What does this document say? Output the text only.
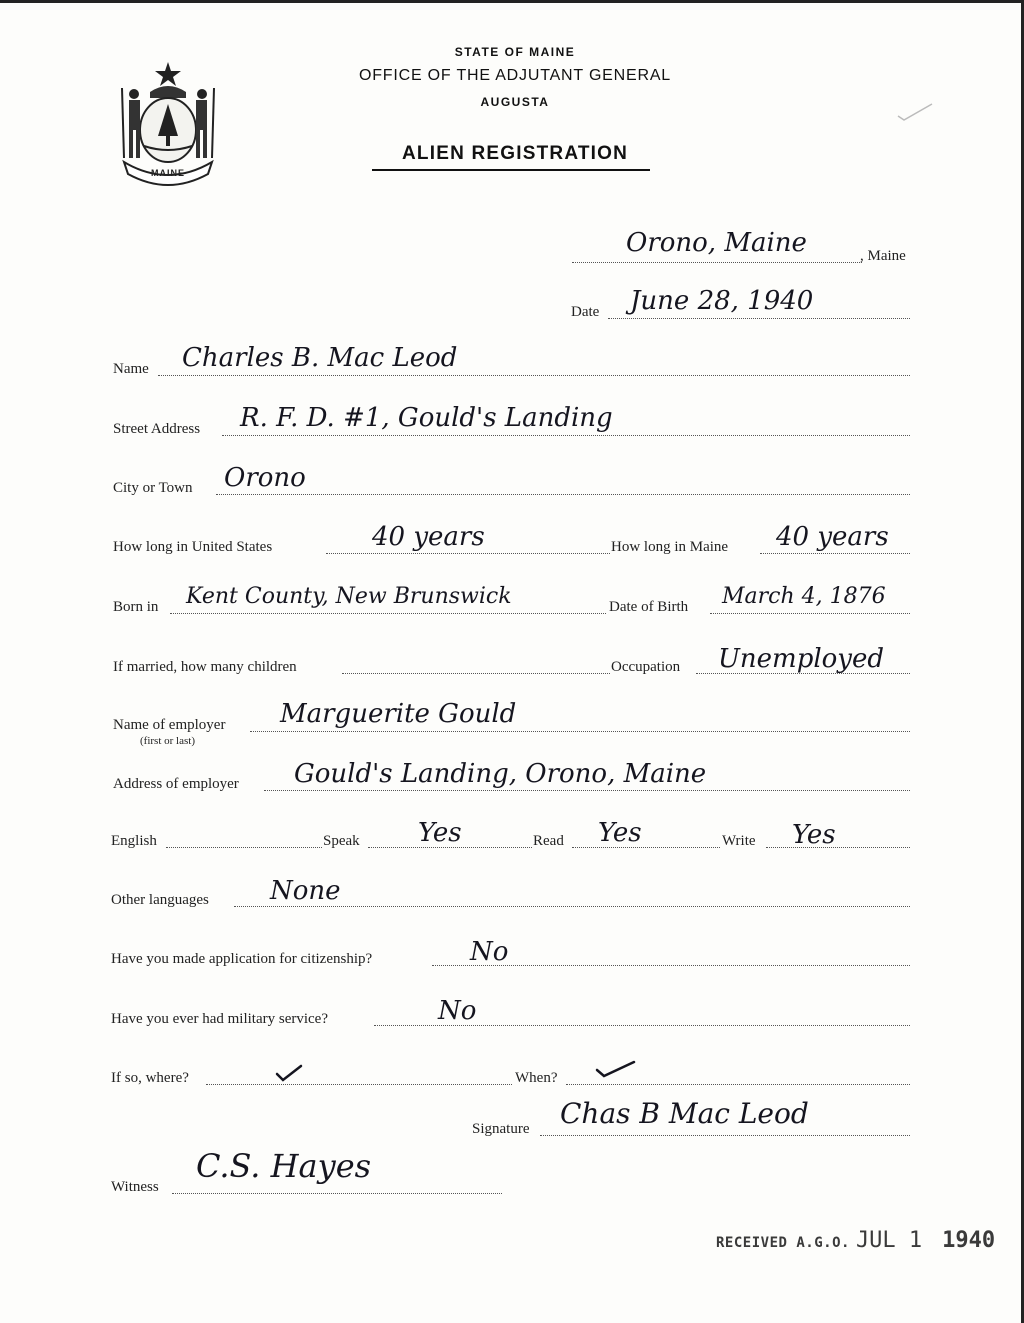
MAINE
STATE OF MAINE
OFFICE OF THE ADJUTANT GENERAL
AUGUSTA
ALIEN REGISTRATION
Orono, Maine	, Maine
Date June 28, 1940
Name Charles B. Mac Leod
Street Address R. F. D. #1, Gould's Landing
City or Town Orono
How long in United States	40 years	How long in Maine 40 years
Born in Kent County, New Brunswick	Date of Birth March 4, 1876
If married, how many children	Occupation Unemployed
Name of employer
(first or last)
Marguerite Gould
Address of employer Gould's Landing, Orono, Maine
English	Speak Yes	Read Yes	Write Yes
Other languages None
Have you made application for citizenship?	No
Have you ever had military service?	No
If so, where?	When?
Signature Chas B Mac Leod
Witness
C.S. Hayes
RECEIVED A.G.O. JUL 1 1940
